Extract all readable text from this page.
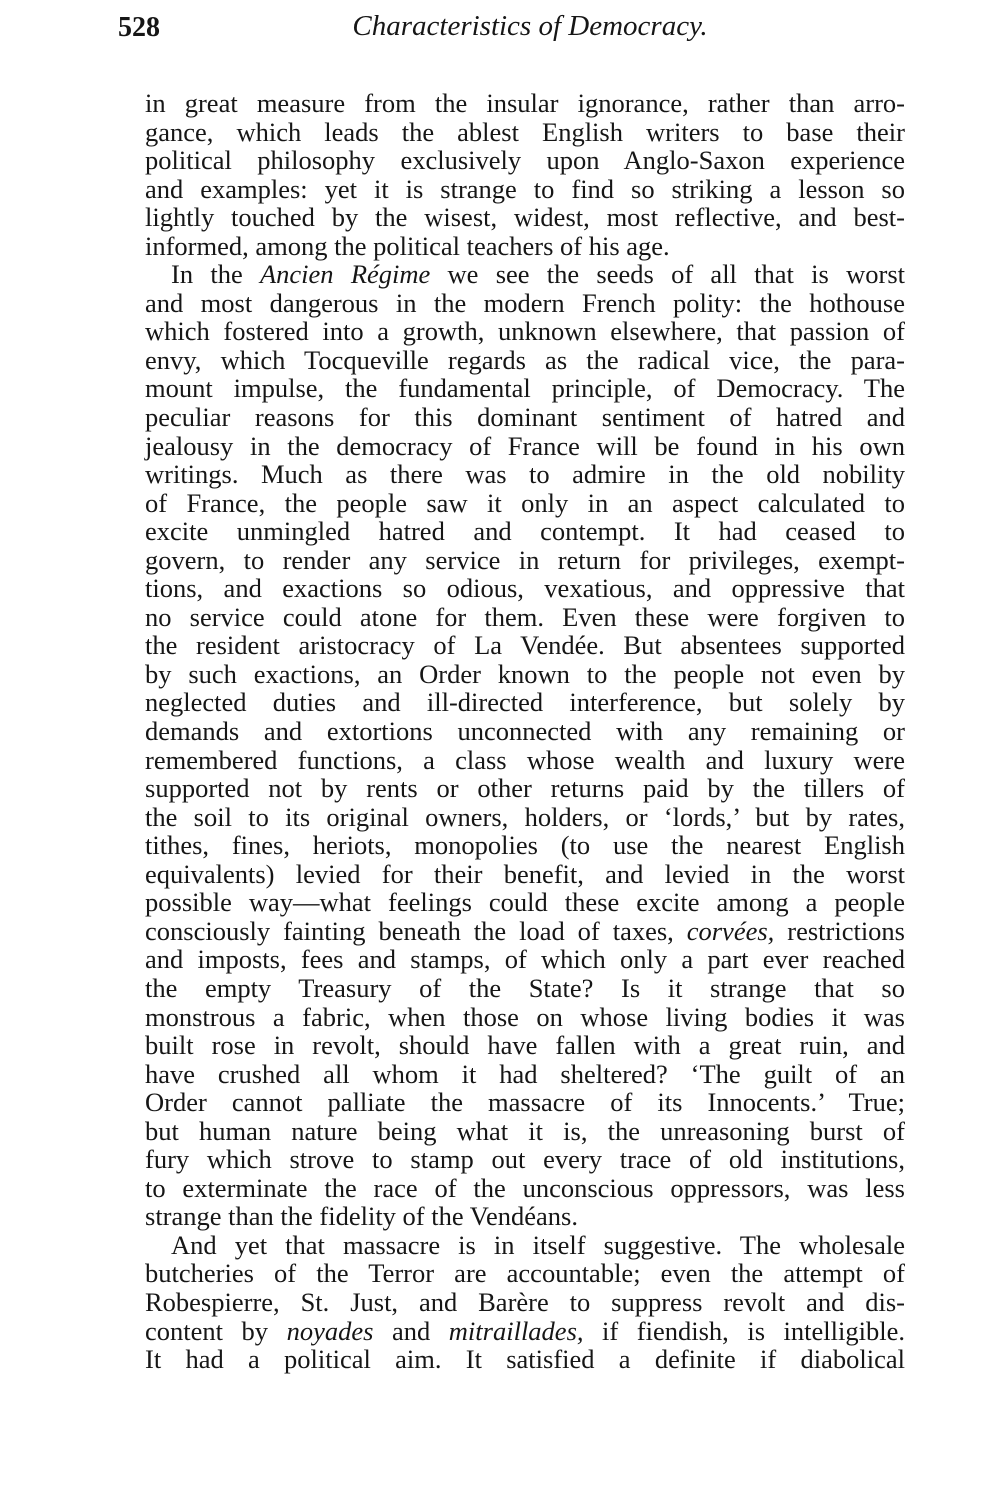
528	Characteristics of Democracy.
in great measure from the insular ignorance, rather than arro-
gance, which leads the ablest English writers to base their
political philosophy exclusively upon Anglo-Saxon experience
and examples: yet it is strange to find so striking a lesson so
lightly touched by the wisest, widest, most reflective, and best-
informed, among the political teachers of his age.
In the Ancien Régime we see the seeds of all that is worst
and most dangerous in the modern French polity: the hothouse
which fostered into a growth, unknown elsewhere, that passion of
envy, which Tocqueville regards as the radical vice, the para-
mount impulse, the fundamental principle, of Democracy. The
peculiar reasons for this dominant sentiment of hatred and
jealousy in the democracy of France will be found in his own
writings. Much as there was to admire in the old nobility
of France, the people saw it only in an aspect calculated to
excite unmingled hatred and contempt. It had ceased to
govern, to render any service in return for privileges, exempt-
tions, and exactions so odious, vexatious, and oppressive that
no service could atone for them. Even these were forgiven to
the resident aristocracy of La Vendée. But absentees supported
by such exactions, an Order known to the people not even by
neglected duties and ill-directed interference, but solely by
demands and extortions unconnected with any remaining or
remembered functions, a class whose wealth and luxury were
supported not by rents or other returns paid by the tillers of
the soil to its original owners, holders, or ‘lords,’ but by rates,
tithes, fines, heriots, monopolies (to use the nearest English
equivalents) levied for their benefit, and levied in the worst
possible way—what feelings could these excite among a people
consciously fainting beneath the load of taxes, corvées, restrictions
and imposts, fees and stamps, of which only a part ever reached
the empty Treasury of the State? Is it strange that so
monstrous a fabric, when those on whose living bodies it was
built rose in revolt, should have fallen with a great ruin, and
have crushed all whom it had sheltered? ‘The guilt of an
Order cannot palliate the massacre of its Innocents.’ True;
but human nature being what it is, the unreasoning burst of
fury which strove to stamp out every trace of old institutions,
to exterminate the race of the unconscious oppressors, was less
strange than the fidelity of the Vendéans.
And yet that massacre is in itself suggestive. The wholesale
butcheries of the Terror are accountable; even the attempt of
Robespierre, St. Just, and Barère to suppress revolt and dis-
content by noyades and mitraillades, if fiendish, is intelligible.
It had a political aim. It satisfied a definite if diabolical
